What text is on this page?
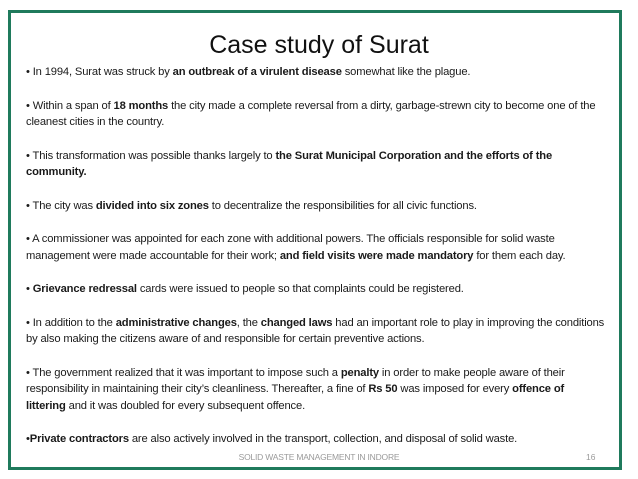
Case study of Surat

• In 1994, Surat was struck by an outbreak of a virulent disease somewhat like the plague.

• Within a span of 18 months the city made a complete reversal from a dirty, garbage-strewn city to become one of the cleanest cities in the country.

• This transformation was possible thanks largely to the Surat Municipal Corporation and the efforts of the community.

• The city was divided into six zones to decentralize the responsibilities for all civic functions.

• A commissioner was appointed for each zone with additional powers. The officials responsible for solid waste management were made accountable for their work; and field visits were made mandatory for them each day.

• Grievance redressal cards were issued to people so that complaints could be registered.

• In addition to the administrative changes, the changed laws had an important role to play in improving the conditions by also making the citizens aware of and responsible for certain preventive actions.

• The government realized that it was important to impose such a penalty in order to make people aware of their responsibility in maintaining their city’s cleanliness. Thereafter, a fine of Rs 50 was imposed for every offence of littering and it was doubled for every subsequent offence.

•Private contractors are also actively involved in the transport, collection, and disposal of solid waste.

SOLID WASTE MANAGEMENT IN INDORE	16
